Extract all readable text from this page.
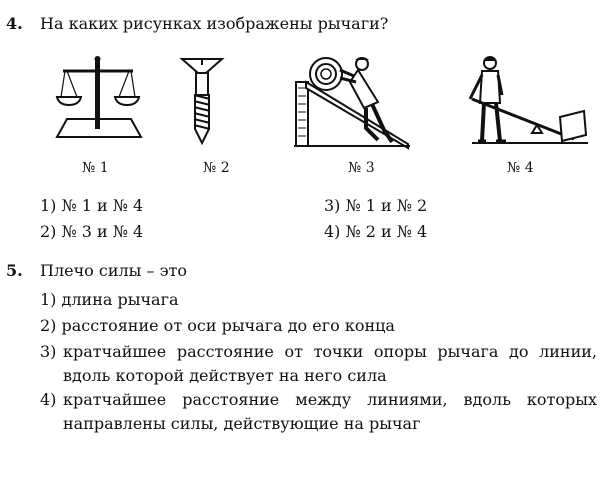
4. На каких рисунках изображены рычаги?
№ 1	№ 2	№ 3	№ 4
1) № 1 и № 4
2) № 3 и № 4
3) № 1 и № 2
4) № 2 и № 4
5. Плечо силы – это
1) длина рычага
2) расстояние от оси рычага до его конца
3) кратчайшее расстояние от точки опоры рычага до линии,
вдоль которой действует на него сила
4) кратчайшее расстояние между линиями, вдоль которых
направлены силы, действующие на рычаг
